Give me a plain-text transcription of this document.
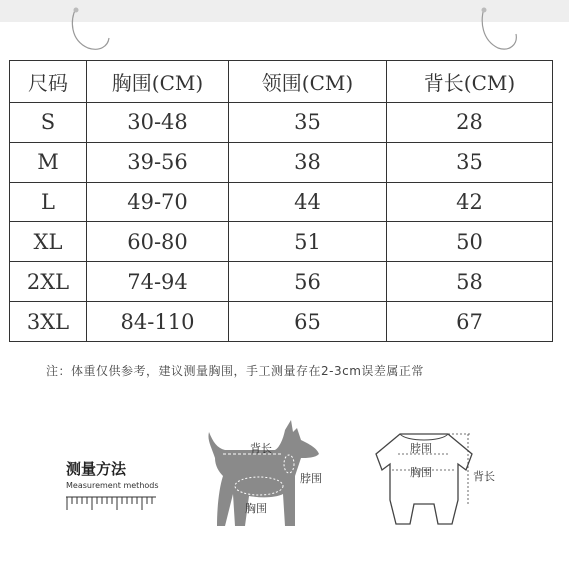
尺码	胸围(CM)	领围(CM)	背长(CM)
S	30-48	35	28
M	39-56	38	35
L	49-70	44	42
XL	60-80	51	50
2XL	74-94	56	58
3XL	84-110	65	67
注：体重仅供参考，建议测量胸围，手工测量存在2-3cm误差属正常
测量方法
Measurement methods
背长
脖围
胸围
脖围
胸围	背长
